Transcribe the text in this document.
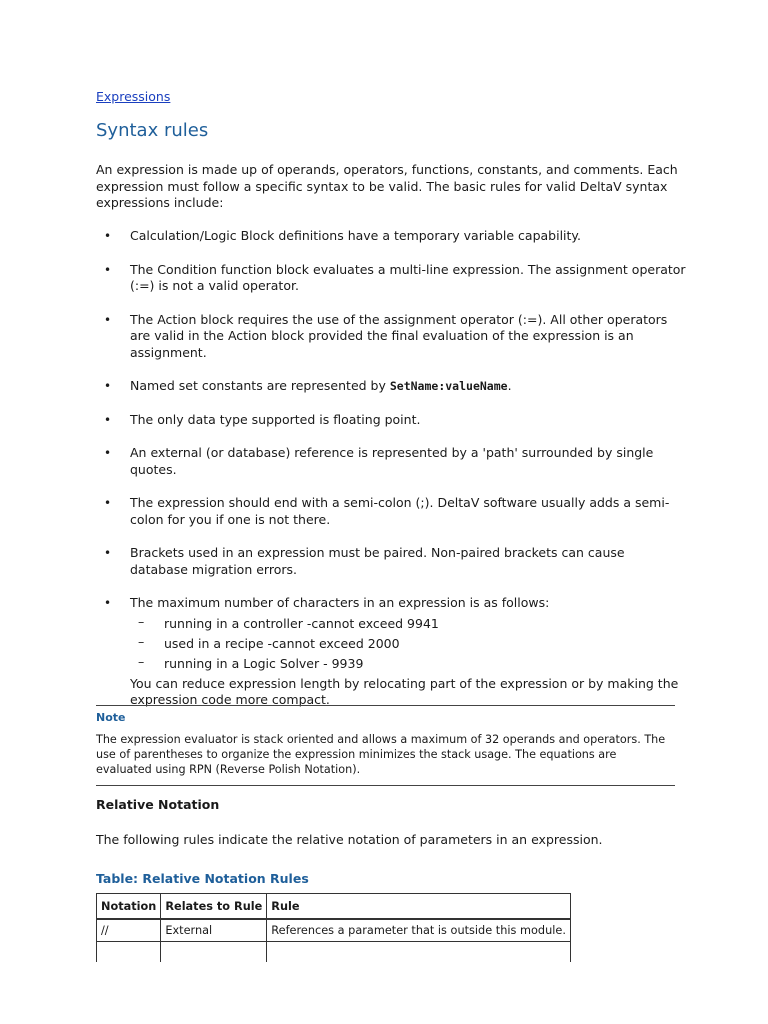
Expressions
Syntax rules

An expression is made up of operands, operators, functions, constants, and comments. Each expression must follow a specific syntax to be valid. The basic rules for valid DeltaV syntax expressions include:

• Calculation/Logic Block definitions have a temporary variable capability.
• The Condition function block evaluates a multi-line expression. The assignment operator (:=) is not a valid operator.
• The Action block requires the use of the assignment operator (:=). All other operators are valid in the Action block provided the final evaluation of the expression is an assignment.
• Named set constants are represented by SetName:valueName.
• The only data type supported is floating point.
• An external (or database) reference is represented by a 'path' surrounded by single quotes.
• The expression should end with a semi-colon (;). DeltaV software usually adds a semi-colon for you if one is not there.
• Brackets used in an expression must be paired. Non-paired brackets can cause database migration errors.
• The maximum number of characters in an expression is as follows:
– running in a controller -cannot exceed 9941
– used in a recipe -cannot exceed 2000
– running in a Logic Solver - 9939
You can reduce expression length by relocating part of the expression or by making the expression code more compact.

Note

The expression evaluator is stack oriented and allows a maximum of 32 operands and operators. The use of parentheses to organize the expression minimizes the stack usage. The equations are evaluated using RPN (Reverse Polish Notation).

Relative Notation

The following rules indicate the relative notation of parameters in an expression.

Table: Relative Notation Rules

Notation	Relates to Rule	Rule
//	External	References a parameter that is outside this module.
